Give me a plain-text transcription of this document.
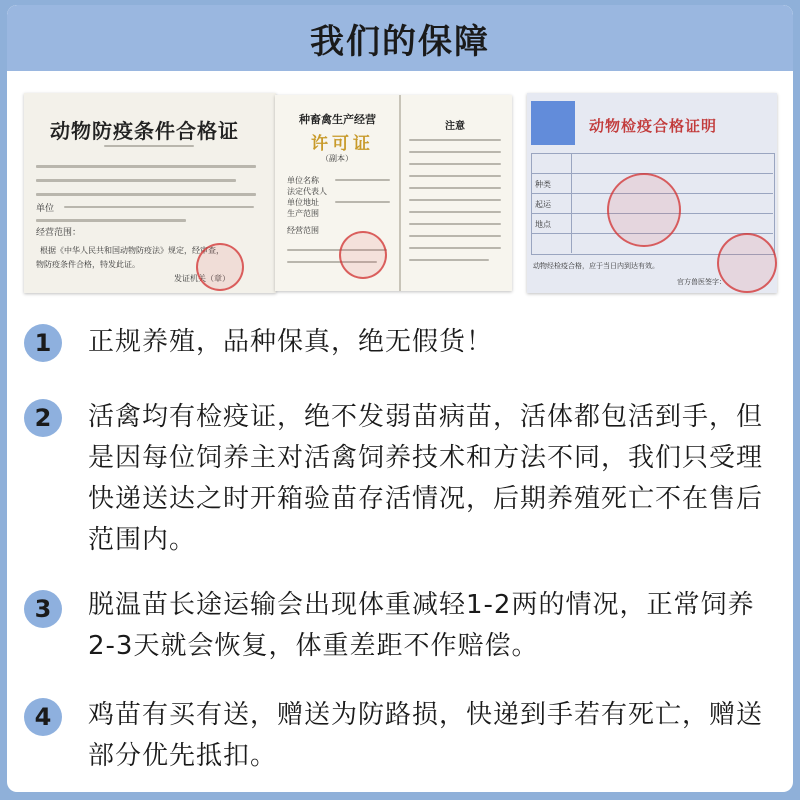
我们的保障
动物防疫条件合格证
单位
经营范围：
根据《中华人民共和国动物防疫法》规定，经审查，
物防疫条件合格，特发此证。
发证机关（章）
种畜禽生产经营
许可证
（副本）
单位名称
法定代表人
单位地址
生产范围
经营范围
注意	动物检疫合格证明
种类
起运
地点
动物经检疫合格，应于当日内到达有效。
官方兽医签字：
1	正规养殖，品种保真，绝无假货！
2	活禽均有检疫证，绝不发弱苗病苗，活体都包活到手，但是因每位饲养主对活禽饲养技术和方法不同，我们只受理快递送达之时开箱验苗存活情况，后期养殖死亡不在售后范围内。
3	脱温苗长途运输会出现体重减轻1-2两的情况，正常饲养2-3天就会恢复，体重差距不作赔偿。
4	鸡苗有买有送，赠送为防路损，快递到手若有死亡，赠送部分优先抵扣。
